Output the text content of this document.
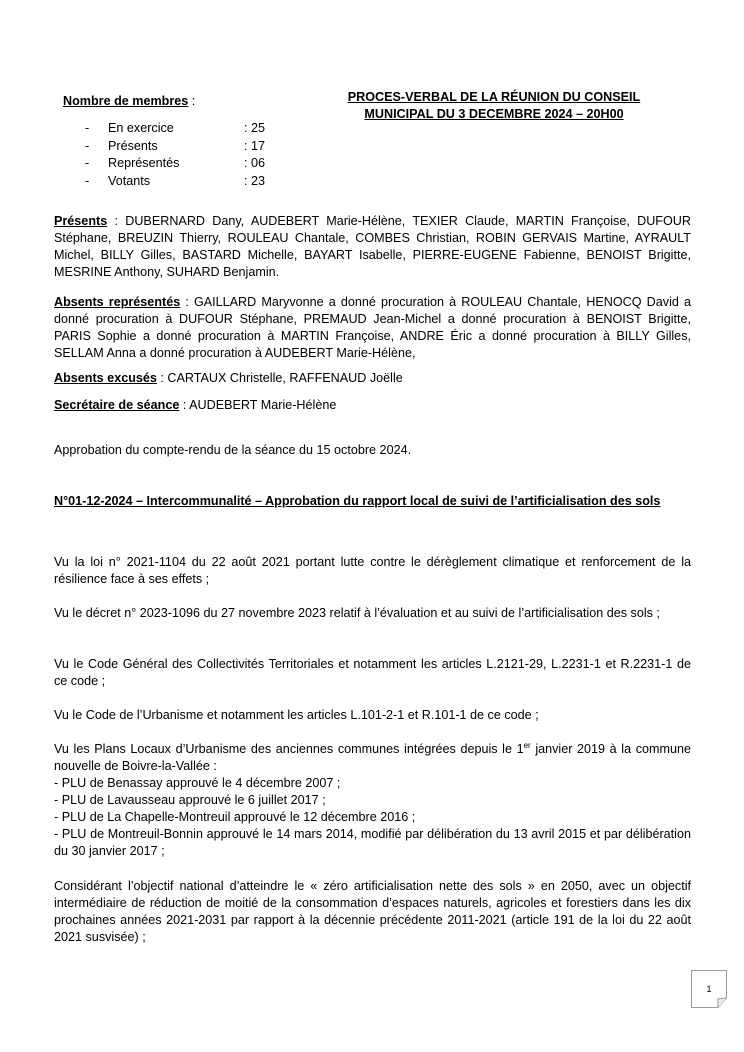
PROCES-VERBAL DE LA RÉUNION DU CONSEIL
MUNICIPAL DU 3 DECEMBRE 2024 – 20H00
Nombre de membres :
-	En exercice	: 25
-	Présents	: 17
-	Représentés	: 06
-	Votants	: 23
Présents : DUBERNARD Dany, AUDEBERT Marie-Hélène, TEXIER Claude, MARTIN Françoise, DUFOUR Stéphane, BREUZIN Thierry, ROULEAU Chantale, COMBES Christian, ROBIN GERVAIS Martine, AYRAULT Michel, BILLY Gilles, BASTARD Michelle, BAYART Isabelle, PIERRE-EUGENE Fabienne, BENOIST Brigitte, MESRINE Anthony, SUHARD Benjamin.
Absents représentés : GAILLARD Maryvonne a donné procuration à ROULEAU Chantale, HENOCQ David a donné procuration à DUFOUR Stéphane, PREMAUD Jean-Michel a donné procuration à BENOIST Brigitte, PARIS Sophie a donné procuration à MARTIN Françoise, ANDRE Éric a donné procuration à BILLY Gilles, SELLAM Anna a donné procuration à AUDEBERT Marie-Hélène,
Absents excusés : CARTAUX Christelle, RAFFENAUD Joëlle
Secrétaire de séance : AUDEBERT Marie-Hélène
Approbation du compte-rendu de la séance du 15 octobre 2024.
N°01-12-2024 – Intercommunalité – Approbation du rapport local de suivi de l’artificialisation des sols
Vu la loi n° 2021-1104 du 22 août 2021 portant lutte contre le dérèglement climatique et renforcement de la résilience face à ses effets ;
Vu le décret n° 2023-1096 du 27 novembre 2023 relatif à l’évaluation et au suivi de l’artificialisation des sols ;
Vu le Code Général des Collectivités Territoriales et notamment les articles L.2121-29, L.2231-1 et R.2231-1 de ce code ;
Vu le Code de l’Urbanisme et notamment les articles L.101-2-1 et R.101-1 de ce code ;

Vu les Plans Locaux d’Urbanisme des anciennes communes intégrées depuis le 1er janvier 2019 à la commune nouvelle de Boivre-la-Vallée :

- PLU de Benassay approuvé le 4 décembre 2007 ;

- PLU de Lavausseau approuvé le 6 juillet 2017 ;

- PLU de La Chapelle-Montreuil approuvé le 12 décembre 2016 ;

- PLU de Montreuil-Bonnin approuvé le 14 mars 2014, modifié par délibération du 13 avril 2015 et par délibération du 30 janvier 2017 ;

Considérant l’objectif national d’atteindre le « zéro artificialisation nette des sols » en 2050, avec un objectif intermédiaire de réduction de moitié de la consommation d’espaces naturels, agricoles et forestiers dans les dix prochaines années 2021-2031 par rapport à la décennie précédente 2011-2021 (article 191 de la loi du 22 août 2021 susvisée) ;
1
